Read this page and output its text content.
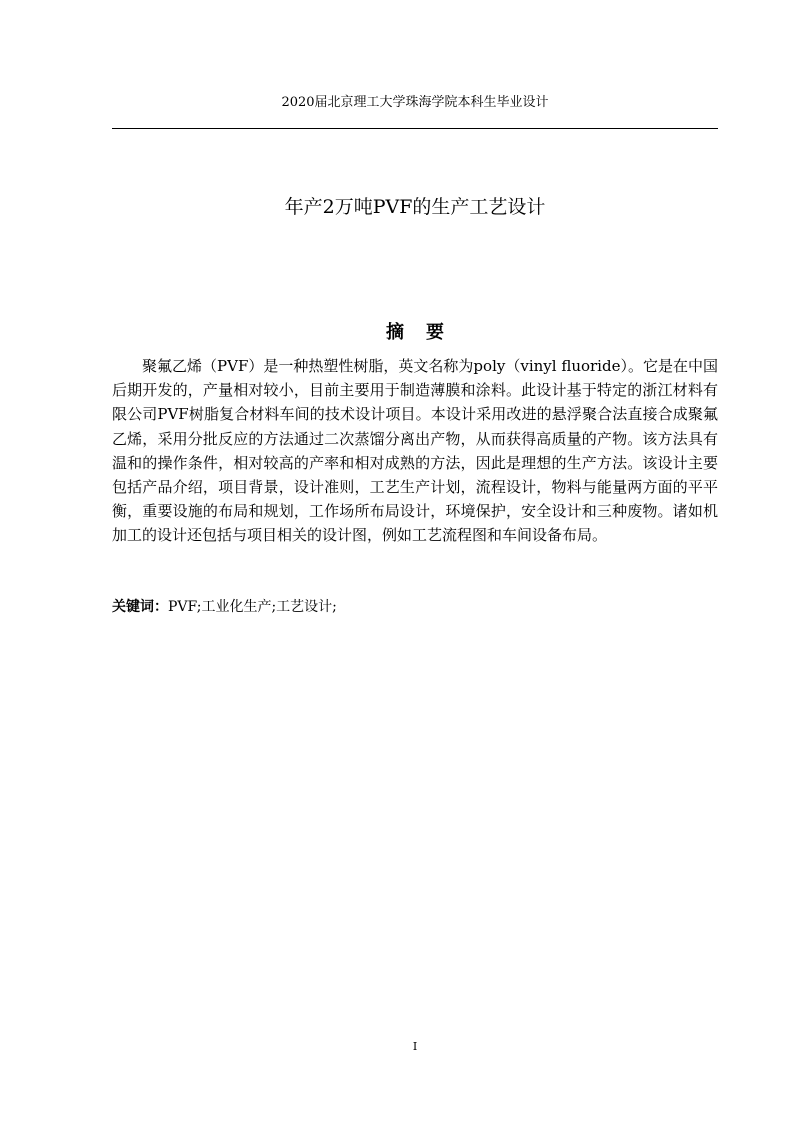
2020届北京理工大学珠海学院本科生毕业设计
年产2万吨PVF的生产工艺设计
摘要

聚氟乙烯（PVF）是一种热塑性树脂，英文名称为poly（vinyl fluoride）。它是在中国后期开发的，产量相对较小，目前主要用于制造薄膜和涂料。此设计基于特定的浙江材料有限公司PVF树脂复合材料车间的技术设计项目。本设计采用改进的悬浮聚合法直接合成聚氟乙烯，采用分批反应的方法通过二次蒸馏分离出产物，从而获得高质量的产物。该方法具有温和的操作条件，相对较高的产率和相对成熟的方法，因此是理想的生产方法。该设计主要包括产品介绍，项目背景，设计准则，工艺生产计划，流程设计，物料与能量两方面的平平衡，重要设施的布局和规划，工作场所布局设计，环境保护，安全设计和三种废物。诸如机加工的设计还包括与项目相关的设计图，例如工艺流程图和车间设备布局。

关键词：PVF;工业化生产;工艺设计;

I
